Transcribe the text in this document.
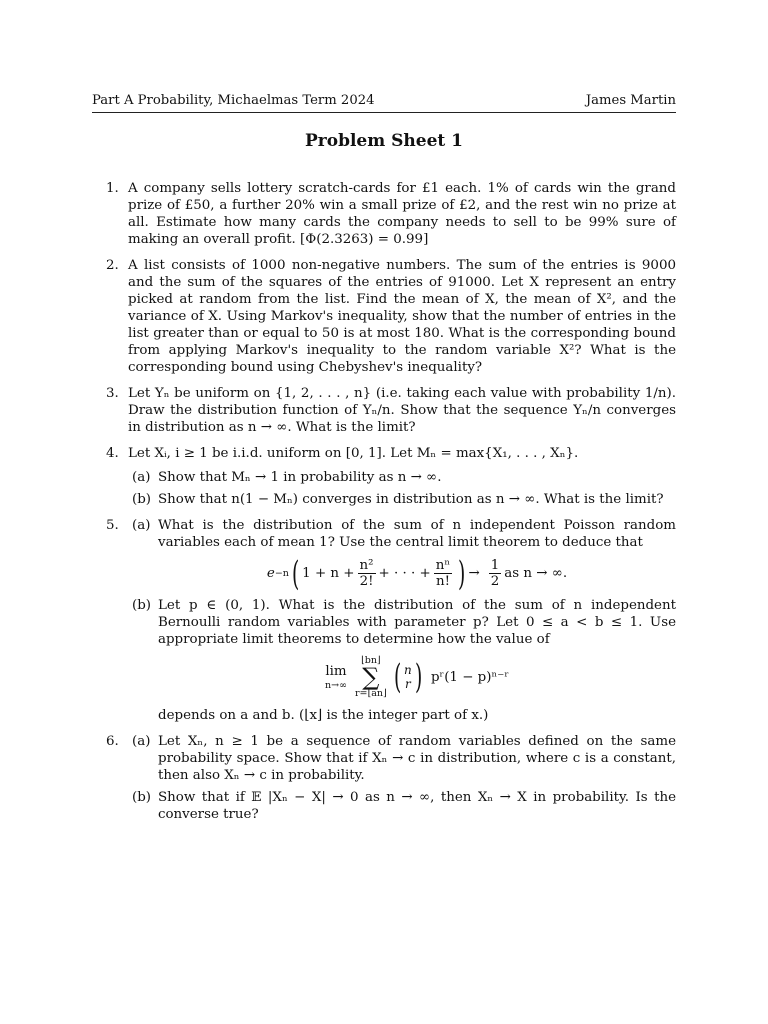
Part A Probability, Michaelmas Term 2024	James Martin
Problem Sheet 1
1. A company sells lottery scratch-cards for £1 each. 1% of cards win the grand prize of £50, a further 20% win a small prize of £2, and the rest win no prize at all. Estimate how many cards the company needs to sell to be 99% sure of making an overall profit. [Φ(2.3263) = 0.99]
2. A list consists of 1000 non-negative numbers. The sum of the entries is 9000 and the sum of the squares of the entries of 91000. Let X represent an entry picked at random from the list. Find the mean of X, the mean of X², and the variance of X. Using Markov's inequality, show that the number of entries in the list greater than or equal to 50 is at most 180. What is the corresponding bound from applying Markov's inequality to the random variable X²? What is the corresponding bound using Chebyshev's inequality?
3. Let Yₙ be uniform on {1, 2, . . . , n} (i.e. taking each value with probability 1/n). Draw the distribution function of Yₙ/n. Show that the sequence Yₙ/n converges in distribution as n → ∞. What is the limit?
4. Let Xᵢ, i ≥ 1 be i.i.d. uniform on [0, 1]. Let Mₙ = max{X₁, . . . , Xₙ}.
(a) Show that Mₙ → 1 in probability as n → ∞.
(b) Show that n(1 − Mₙ) converges in distribution as n → ∞. What is the limit?
5. (a) What is the distribution of the sum of n independent Poisson random variables each of mean 1? Use the central limit theorem to deduce that
e −n ( $1 + n + \frac{\text{n²}}{2!}$ + · · · + $\frac{\text{nⁿ}}{n!}$ ) → $\frac{1}{2}$ as n → ∞.
(b) Let p ∈ (0, 1). What is the distribution of the sum of n independent Bernoulli random variables with parameter p? Let 0 ≤ a < b ≤ 1. Use appropriate limit theorems to determine how the value of
lim
n→∞
⌊bn⌋
∑
r=⌊an⌋ ( n
r ) pʳ(1 − p)ⁿ⁻ʳ
depends on a and b. (⌊x⌋ is the integer part of x.)
6. (a) Let Xₙ, n ≥ 1 be a sequence of random variables defined on the same probability space. Show that if Xₙ → c in distribution, where c is a constant, then also Xₙ → c in probability.
(b) Show that if 𝔼 |Xₙ − X| → 0 as n → ∞, then Xₙ → X in probability. Is the converse true?
